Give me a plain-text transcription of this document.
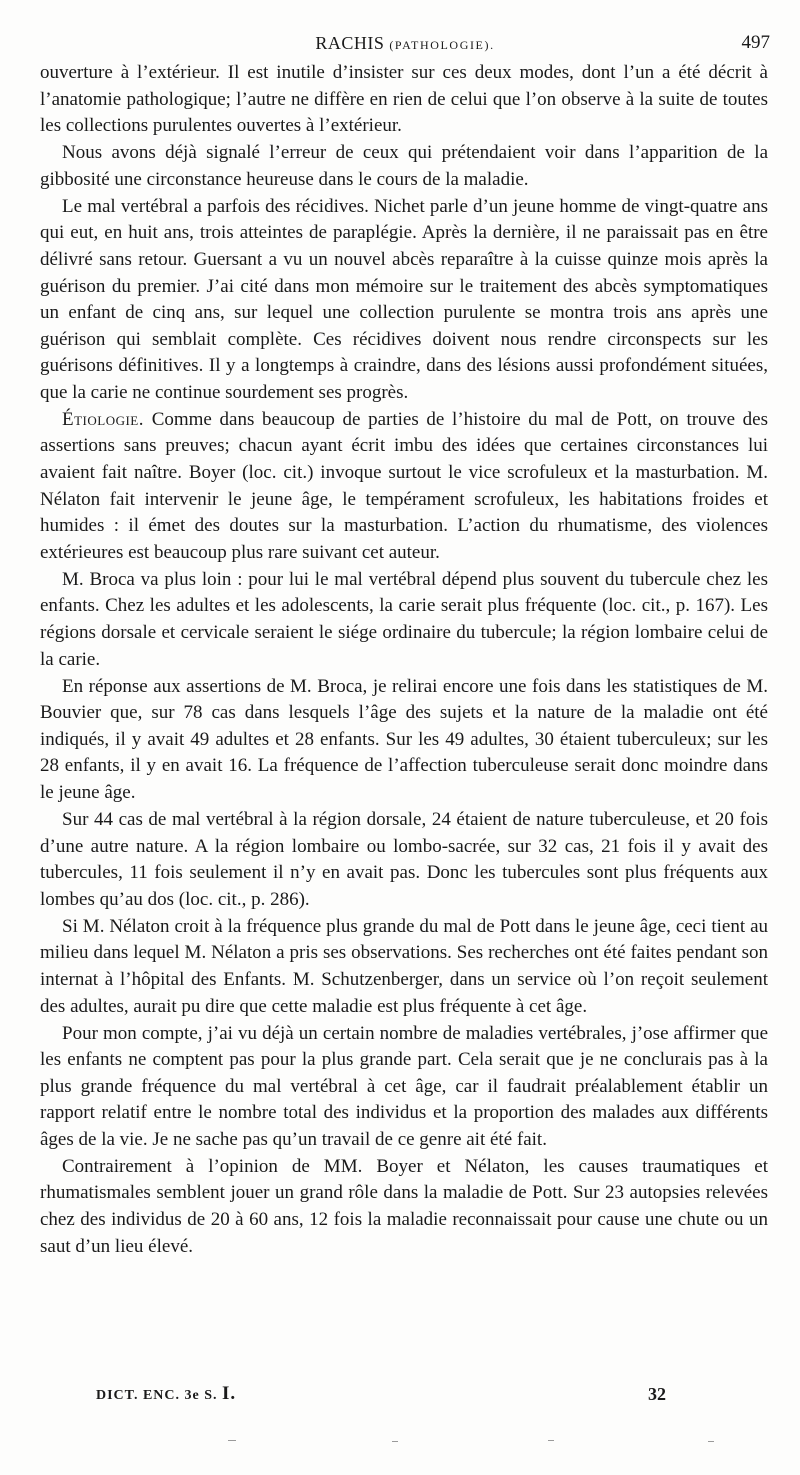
RACHIS (PATHOLOGIE).	497

ouverture à l’extérieur. Il est inutile d’insister sur ces deux modes, dont l’un a été décrit à l’anatomie pathologique; l’autre ne diffère en rien de celui que l’on observe à la suite de toutes les collections purulentes ouvertes à l’extérieur.

Nous avons déjà signalé l’erreur de ceux qui prétendaient voir dans l’apparition de la gibbosité une circonstance heureuse dans le cours de la maladie.

Le mal vertébral a parfois des récidives. Nichet parle d’un jeune homme de vingt-quatre ans qui eut, en huit ans, trois atteintes de paraplégie. Après la dernière, il ne paraissait pas en être délivré sans retour. Guersant a vu un nouvel abcès reparaître à la cuisse quinze mois après la guérison du premier. J’ai cité dans mon mémoire sur le traitement des abcès symptomatiques un enfant de cinq ans, sur lequel une collection purulente se montra trois ans après une guérison qui semblait complète. Ces récidives doivent nous rendre circonspects sur les guérisons définitives. Il y a longtemps à craindre, dans des lésions aussi profondément situées, que la carie ne continue sourdement ses progrès.

Étiologie. Comme dans beaucoup de parties de l’histoire du mal de Pott, on trouve des assertions sans preuves; chacun ayant écrit imbu des idées que certaines circonstances lui avaient fait naître. Boyer (loc. cit.) invoque surtout le vice scrofuleux et la masturbation. M. Nélaton fait intervenir le jeune âge, le tempérament scrofuleux, les habitations froides et humides : il émet des doutes sur la masturbation. L’action du rhumatisme, des violences extérieures est beaucoup plus rare suivant cet auteur.

M. Broca va plus loin : pour lui le mal vertébral dépend plus souvent du tubercule chez les enfants. Chez les adultes et les adolescents, la carie serait plus fréquente (loc. cit., p. 167). Les régions dorsale et cervicale seraient le siége ordinaire du tubercule; la région lombaire celui de la carie.

En réponse aux assertions de M. Broca, je relirai encore une fois dans les statistiques de M. Bouvier que, sur 78 cas dans lesquels l’âge des sujets et la nature de la maladie ont été indiqués, il y avait 49 adultes et 28 enfants. Sur les 49 adultes, 30 étaient tuberculeux; sur les 28 enfants, il y en avait 16. La fréquence de l’affection tuberculeuse serait donc moindre dans le jeune âge.

Sur 44 cas de mal vertébral à la région dorsale, 24 étaient de nature tuberculeuse, et 20 fois d’une autre nature. A la région lombaire ou lombo-sacrée, sur 32 cas, 21 fois il y avait des tubercules, 11 fois seulement il n’y en avait pas. Donc les tubercules sont plus fréquents aux lombes qu’au dos (loc. cit., p. 286).

Si M. Nélaton croit à la fréquence plus grande du mal de Pott dans le jeune âge, ceci tient au milieu dans lequel M. Nélaton a pris ses observations. Ses recherches ont été faites pendant son internat à l’hôpital des Enfants. M. Schutzenberger, dans un service où l’on reçoit seulement des adultes, aurait pu dire que cette maladie est plus fréquente à cet âge.

Pour mon compte, j’ai vu déjà un certain nombre de maladies vertébrales, j’ose affirmer que les enfants ne comptent pas pour la plus grande part. Cela serait que je ne conclurais pas à la plus grande fréquence du mal vertébral à cet âge, car il faudrait préalablement établir un rapport relatif entre le nombre total des individus et la proportion des malades aux différents âges de la vie. Je ne sache pas qu’un travail de ce genre ait été fait.

Contrairement à l’opinion de MM. Boyer et Nélaton, les causes traumatiques et rhumatismales semblent jouer un grand rôle dans la maladie de Pott. Sur 23 autopsies relevées chez des individus de 20 à 60 ans, 12 fois la maladie reconnaissait pour cause une chute ou un saut d’un lieu élevé.

DICT. ENC. 3e S. I.	32
